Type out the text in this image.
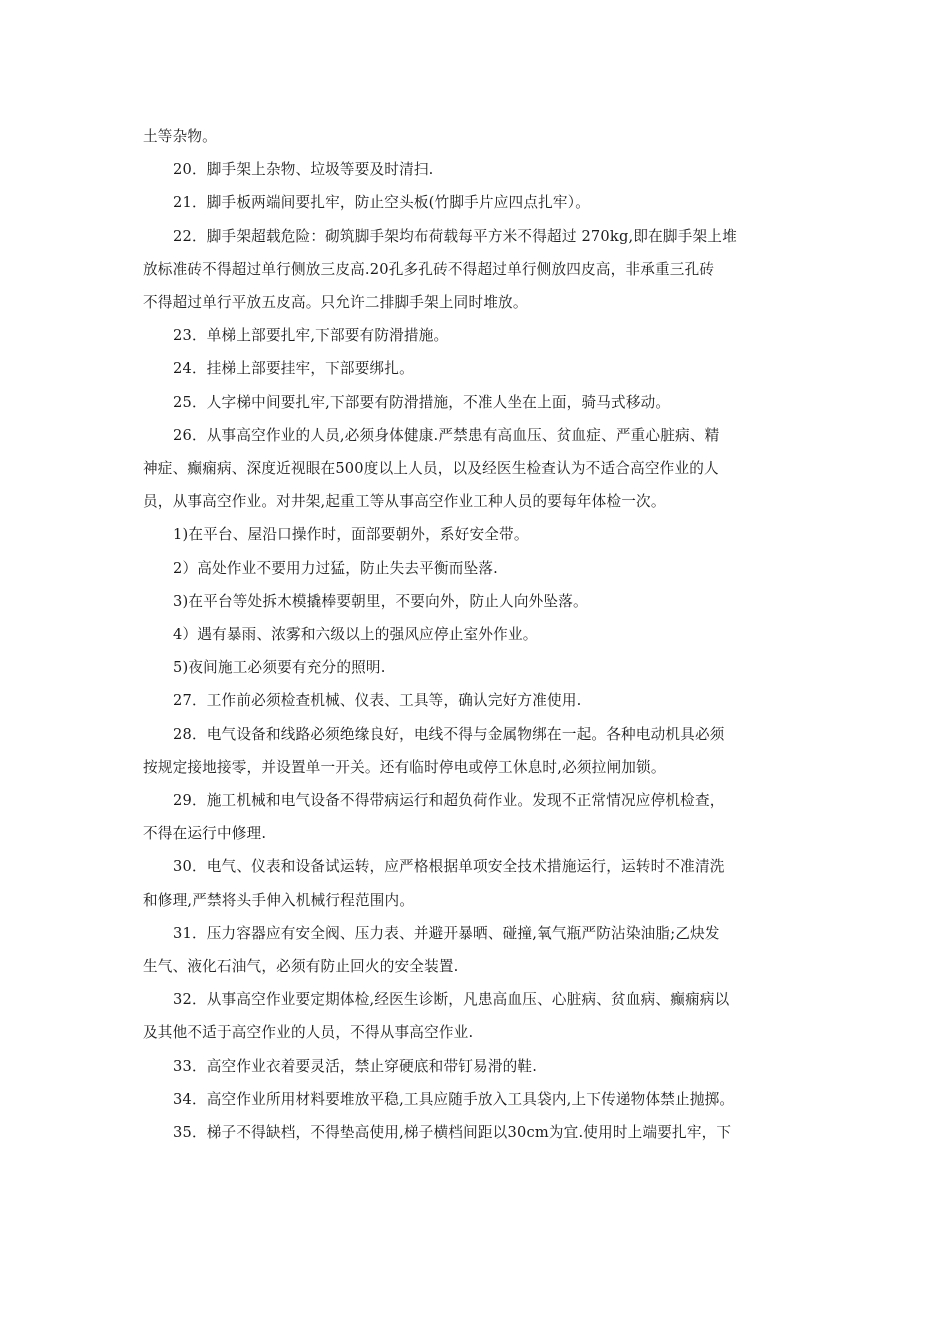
土等杂物。

20．脚手架上杂物、垃圾等要及时清扫.

21．脚手板两端间要扎牢，防止空头板(竹脚手片应四点扎牢）。

22．脚手架超载危险：砌筑脚手架均布荷载每平方米不得超过 270kg,即在脚手架上堆

放标准砖不得超过单行侧放三皮高.20孔多孔砖不得超过单行侧放四皮高，非承重三孔砖

不得超过单行平放五皮高。只允许二排脚手架上同时堆放。

23．单梯上部要扎牢,下部要有防滑措施。

24．挂梯上部要挂牢，下部要绑扎。

25．人字梯中间要扎牢,下部要有防滑措施，不准人坐在上面，骑马式移动。

26．从事高空作业的人员,必须身体健康.严禁患有高血压、贫血症、严重心脏病、精

神症、癫痫病、深度近视眼在500度以上人员，以及经医生检查认为不适合高空作业的人

员，从事高空作业。对井架,起重工等从事高空作业工种人员的要每年体检一次。

1)在平台、屋沿口操作时，面部要朝外，系好安全带。

2）高处作业不要用力过猛，防止失去平衡而坠落.

3)在平台等处拆木模撬棒要朝里，不要向外，防止人向外坠落。

4）遇有暴雨、浓雾和六级以上的强风应停止室外作业。

5)夜间施工必须要有充分的照明.

27．工作前必须检查机械、仪表、工具等，确认完好方准使用.

28．电气设备和线路必须绝缘良好，电线不得与金属物绑在一起。各种电动机具必须

按规定接地接零，并设置单一开关。还有临时停电或停工休息时,必须拉闸加锁。

29．施工机械和电气设备不得带病运行和超负荷作业。发现不正常情况应停机检查，

不得在运行中修理.

30．电气、仪表和设备试运转，应严格根据单项安全技术措施运行，运转时不准清洗

和修理,严禁将头手伸入机械行程范围内。

31．压力容器应有安全阀、压力表、并避开暴晒、碰撞,氧气瓶严防沾染油脂;乙炔发

生气、液化石油气，必须有防止回火的安全装置.

32．从事高空作业要定期体检,经医生诊断，凡患高血压、心脏病、贫血病、癫痫病以

及其他不适于高空作业的人员，不得从事高空作业.

33．高空作业衣着要灵活，禁止穿硬底和带钉易滑的鞋.

34．高空作业所用材料要堆放平稳,工具应随手放入工具袋内,上下传递物体禁止抛掷。

35．梯子不得缺档，不得垫高使用,梯子横档间距以30cm为宜.使用时上端要扎牢，下
